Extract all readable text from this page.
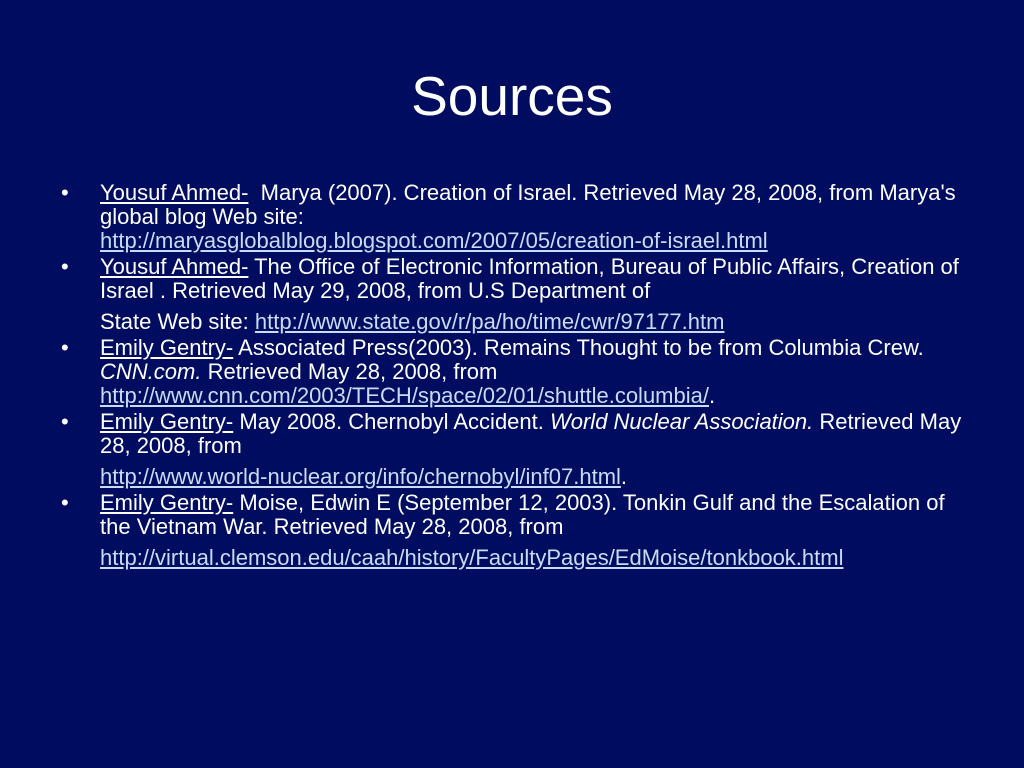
Sources
• Yousuf Ahmed-  Marya (2007). Creation of Israel. Retrieved May 28, 2008, from Marya's global blog Web site:
http://maryasglobalblog.blogspot.com/2007/05/creation-of-israel.html
• Yousuf Ahmed- The Office of Electronic Information, Bureau of Public Affairs, Creation of Israel . Retrieved May 29, 2008, from U.S Department of
State Web site: http://www.state.gov/r/pa/ho/time/cwr/97177.htm
• Emily Gentry- Associated Press(2003). Remains Thought to be from Columbia Crew. CNN.com. Retrieved May 28, 2008, from
http://www.cnn.com/2003/TECH/space/02/01/shuttle.columbia/.
• Emily Gentry- May 2008. Chernobyl Accident. World Nuclear Association. Retrieved May 28, 2008, from
http://www.world-nuclear.org/info/chernobyl/inf07.html.
• Emily Gentry- Moise, Edwin E (September 12, 2003). Tonkin Gulf and the Escalation of the Vietnam War. Retrieved May 28, 2008, from
http://virtual.clemson.edu/caah/history/FacultyPages/EdMoise/tonkbook.html
